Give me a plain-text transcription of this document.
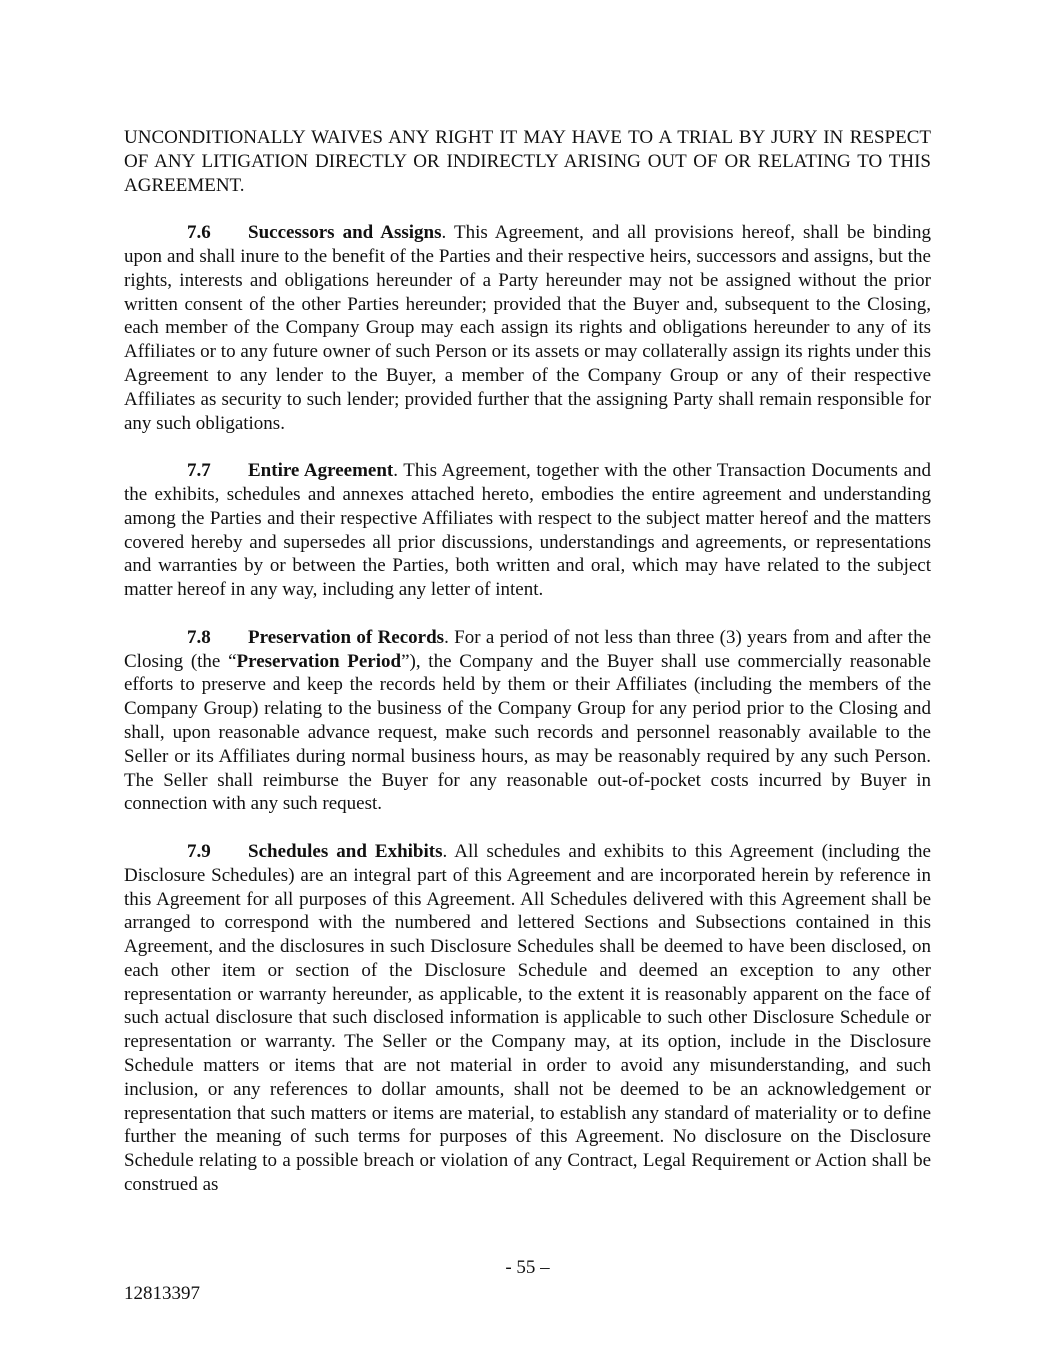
UNCONDITIONALLY WAIVES ANY RIGHT IT MAY HAVE TO A TRIAL BY JURY IN RESPECT OF ANY LITIGATION DIRECTLY OR INDIRECTLY ARISING OUT OF OR RELATING TO THIS AGREEMENT.

7.6 Successors and Assigns. This Agreement, and all provisions hereof, shall be binding upon and shall inure to the benefit of the Parties and their respective heirs, successors and assigns, but the rights, interests and obligations hereunder of a Party hereunder may not be assigned without the prior written consent of the other Parties hereunder; provided that the Buyer and, subsequent to the Closing, each member of the Company Group may each assign its rights and obligations hereunder to any of its Affiliates or to any future owner of such Person or its assets or may collaterally assign its rights under this Agreement to any lender to the Buyer, a member of the Company Group or any of their respective Affiliates as security to such lender; provided further that the assigning Party shall remain responsible for any such obligations.

7.7 Entire Agreement. This Agreement, together with the other Transaction Documents and the exhibits, schedules and annexes attached hereto, embodies the entire agreement and understanding among the Parties and their respective Affiliates with respect to the subject matter hereof and the matters covered hereby and supersedes all prior discussions, understandings and agreements, or representations and warranties by or between the Parties, both written and oral, which may have related to the subject matter hereof in any way, including any letter of intent.

7.8 Preservation of Records. For a period of not less than three (3) years from and after the Closing (the “Preservation Period”), the Company and the Buyer shall use commercially reasonable efforts to preserve and keep the records held by them or their Affiliates (including the members of the Company Group) relating to the business of the Company Group for any period prior to the Closing and shall, upon reasonable advance request, make such records and personnel reasonably available to the Seller or its Affiliates during normal business hours, as may be reasonably required by any such Person. The Seller shall reimburse the Buyer for any reasonable out-of-pocket costs incurred by Buyer in connection with any such request.

7.9 Schedules and Exhibits. All schedules and exhibits to this Agreement (including the Disclosure Schedules) are an integral part of this Agreement and are incorporated herein by reference in this Agreement for all purposes of this Agreement. All Schedules delivered with this Agreement shall be arranged to correspond with the numbered and lettered Sections and Subsections contained in this Agreement, and the disclosures in such Disclosure Schedules shall be deemed to have been disclosed, on each other item or section of the Disclosure Schedule and deemed an exception to any other representation or warranty hereunder, as applicable, to the extent it is reasonably apparent on the face of such actual disclosure that such disclosed information is applicable to such other Disclosure Schedule or representation or warranty. The Seller or the Company may, at its option, include in the Disclosure Schedule matters or items that are not material in order to avoid any misunderstanding, and such inclusion, or any references to dollar amounts, shall not be deemed to be an acknowledgement or representation that such matters or items are material, to establish any standard of materiality or to define further the meaning of such terms for purposes of this Agreement. No disclosure on the Disclosure Schedule relating to a possible breach or violation of any Contract, Legal Requirement or Action shall be construed as

- 55 –
12813397
